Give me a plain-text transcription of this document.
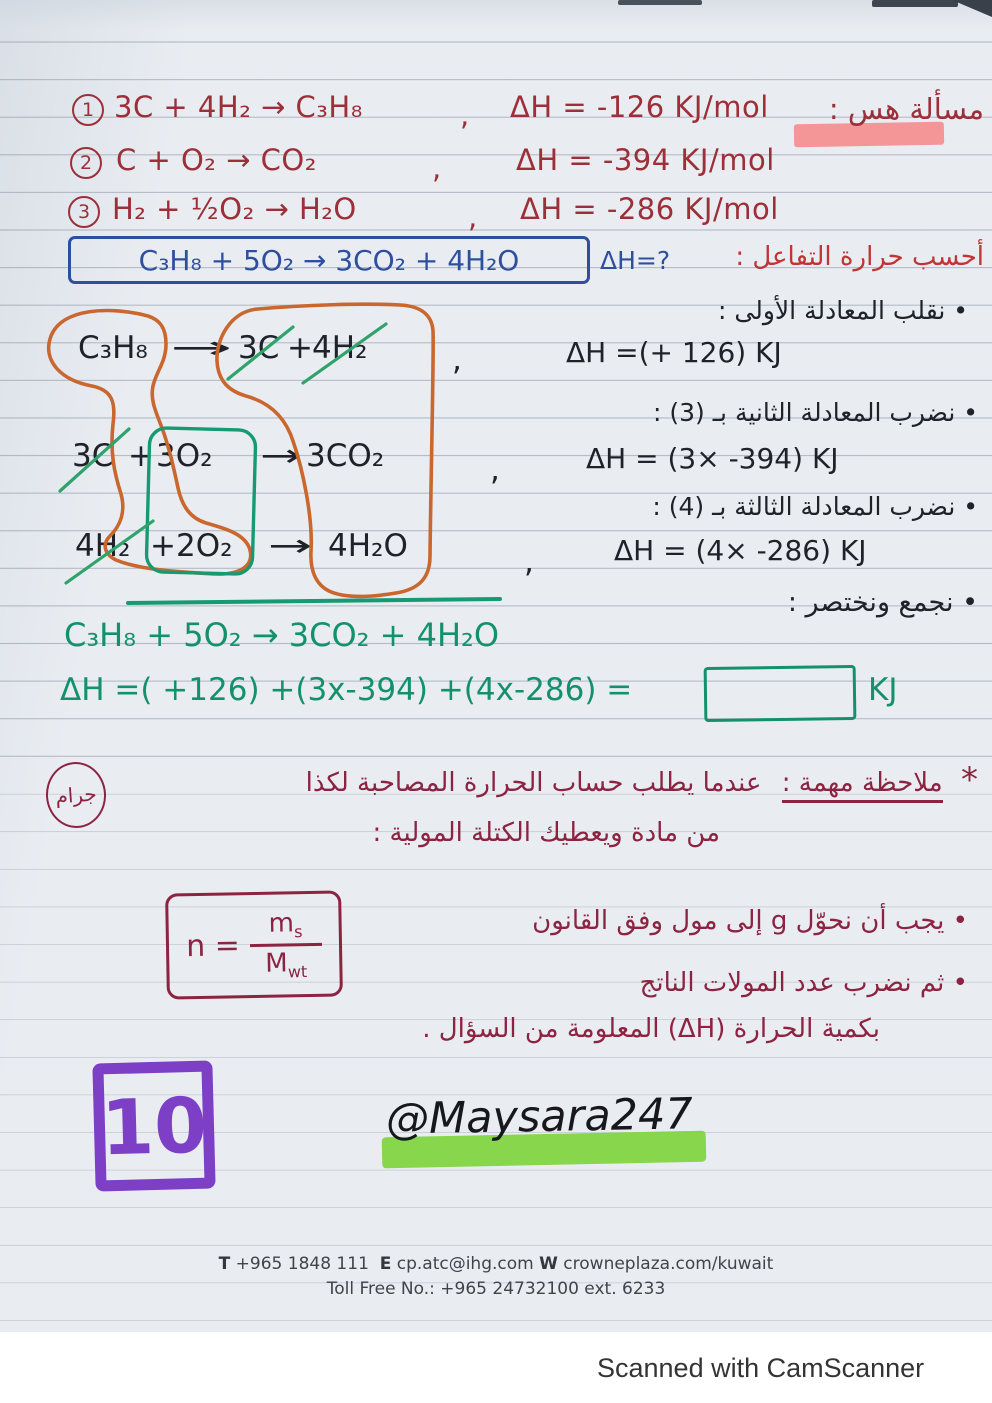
مسألة هس :
1 3C + 4H₂ → C₃H₈	, ΔH = -126 KJ/mol
2 C + O₂ → CO₂	,	ΔH = -394 KJ/mol
3 H₂ + ½O₂ → H₂O	, ΔH = -286 KJ/mol
C₃H₈ + 5O₂ → 3CO₂ + 4H₂O	ΔH=?	أحسب حرارة التفاعل :
• نقلب المعادلة الأولى :
• نضرب المعادلة الثانية بـ (3) :
• نضرب المعادلة الثالثة بـ (4) :
• نجمع ونختصر :
C₃H₈ → 3C + 4H₂	,	ΔH =(+ 126) KJ
3C + 3O₂ → 3CO₂	,	ΔH = (3× -394) KJ
4H₂ + 2O₂ → 4H₂O	,	ΔH = (4× -286) KJ
C₃H₈ + 5O₂ → 3CO₂ + 4H₂O
ΔH =( +126) +(3x-394) +(4x-286) =	KJ
* ملاحظة مهمة : عندما يطلب حساب الحرارة المصاحبة لكذا
جرام
من مادة ويعطيك الكتلة المولية :
n =
$m_s$
$M_{wt}$
• يجب أن نحوّل g إلى مول وفق القانون
• ثم نضرب عدد المولات الناتج
بكمية الحرارة (ΔH) المعلومة من السؤال .
10	@Maysara247
T +965 1848 111 E cp.atc@ihg.com W crowneplaza.com/kuwait
Toll Free No.: +965 24732100 ext. 6233
Scanned with CamScanner
